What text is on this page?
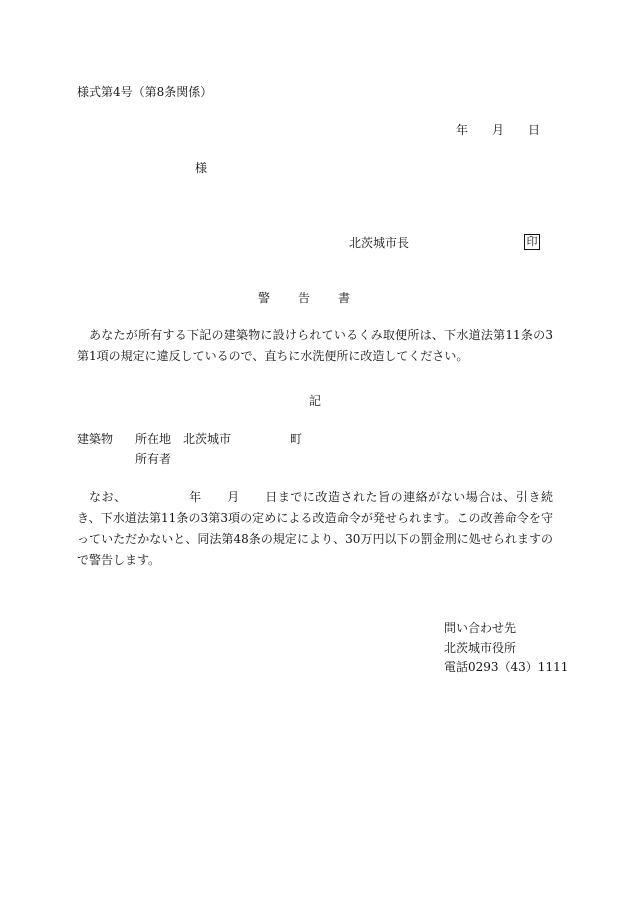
様式第4号（第8条関係）
年 月 日
様
北茨城市長	印
警 告 書
あなたが所有する下記の建築物に設けられているくみ取便所は、下水道法第11条の3第1項の規定に違反しているので、直ちに水洗便所に改造してください。
記
建築物 所在地 北茨城市	町
所有者
なお、	年 月 日までに改造された旨の連絡がない場合は、引き続き、下水道法第11条の3第3項の定めによる改造命令が発せられます。この改善命令を守っていただかないと、同法第48条の規定により、30万円以下の罰金刑に処せられますので警告します。
問い合わせ先
北茨城市役所
電話0293（43）1111
